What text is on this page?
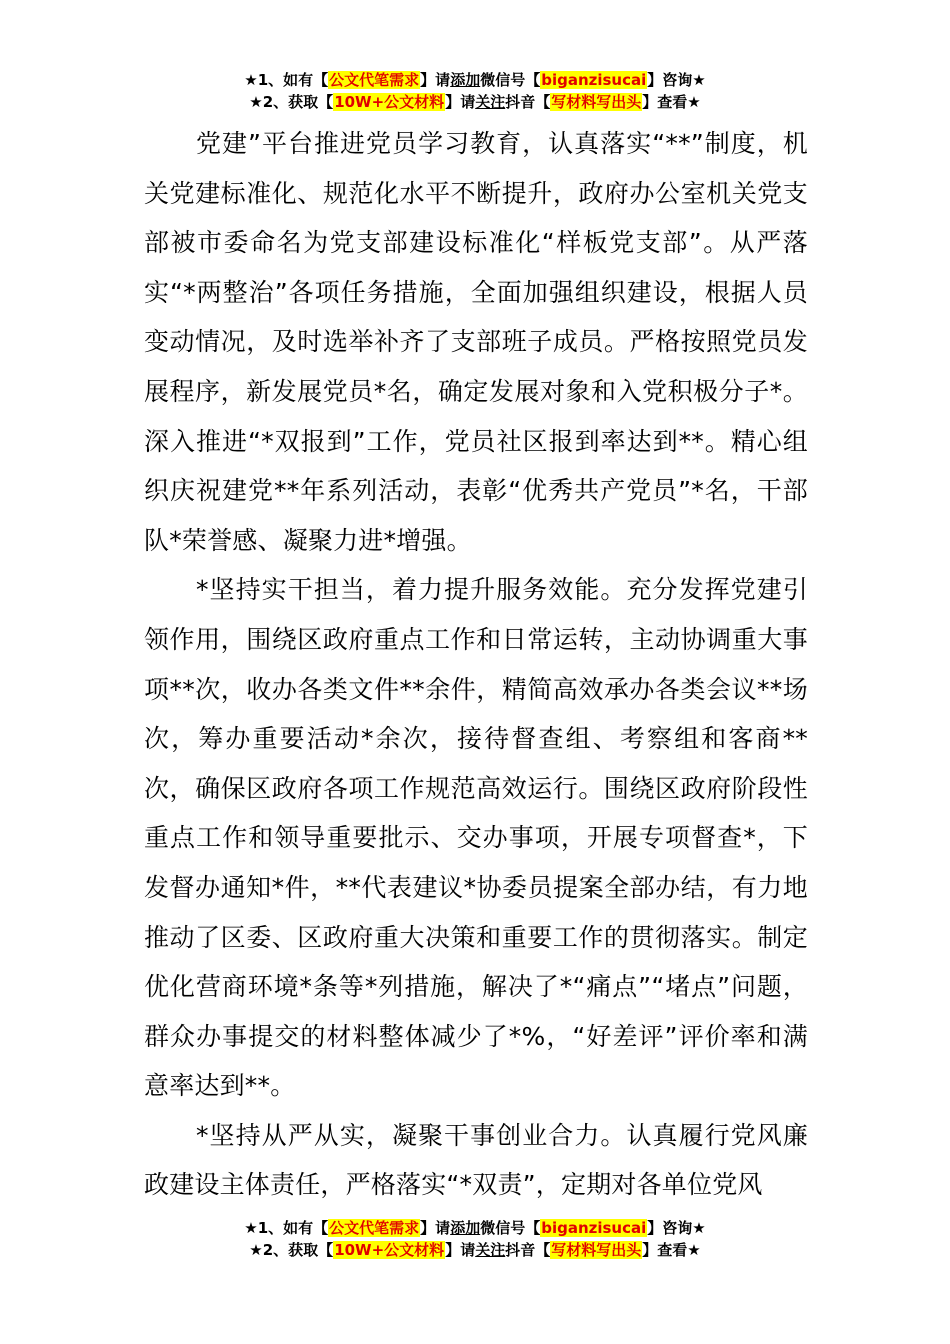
★1、如有【公文代笔需求】请添加微信号【biganzisucai】咨询★
★2、获取【10W+公文材料】请关注抖音【写材料写出头】查看★

党建”平台推进党员学习教育，认真落实“**”制度，机关党建标准化、规范化水平不断提升，政府办公室机关党支部被市委命名为党支部建设标准化“样板党支部”。从严落实“*两整治”各项任务措施，全面加强组织建设，根据人员变动情况，及时选举补齐了支部班子成员。严格按照党员发展程序，新发展党员*名，确定发展对象和入党积极分子*。深入推进“*双报到”工作，党员社区报到率达到**。精心组织庆祝建党**年系列活动，表彰“优秀共产党员”*名，干部队*荣誉感、凝聚力进*增强。

*坚持实干担当，着力提升服务效能。充分发挥党建引领作用，围绕区政府重点工作和日常运转，主动协调重大事项**次，收办各类文件**余件，精简高效承办各类会议**场次，筹办重要活动*余次，接待督查组、考察组和客商**次，确保区政府各项工作规范高效运行。围绕区政府阶段性重点工作和领导重要批示、交办事项，开展专项督查*，下发督办通知*件，**代表建议*协委员提案全部办结，有力地推动了区委、区政府重大决策和重要工作的贯彻落实。制定优化营商环境*条等*列措施，解决了*“痛点”“堵点”问题，群众办事提交的材料整体减少了*%，“好差评”评价率和满意率达到**。

*坚持从严从实，凝聚干事创业合力。认真履行党风廉政建设主体责任，严格落实“*双责”，定期对各单位党风

★1、如有【公文代笔需求】请添加微信号【biganzisucai】咨询★
★2、获取【10W+公文材料】请关注抖音【写材料写出头】查看★
